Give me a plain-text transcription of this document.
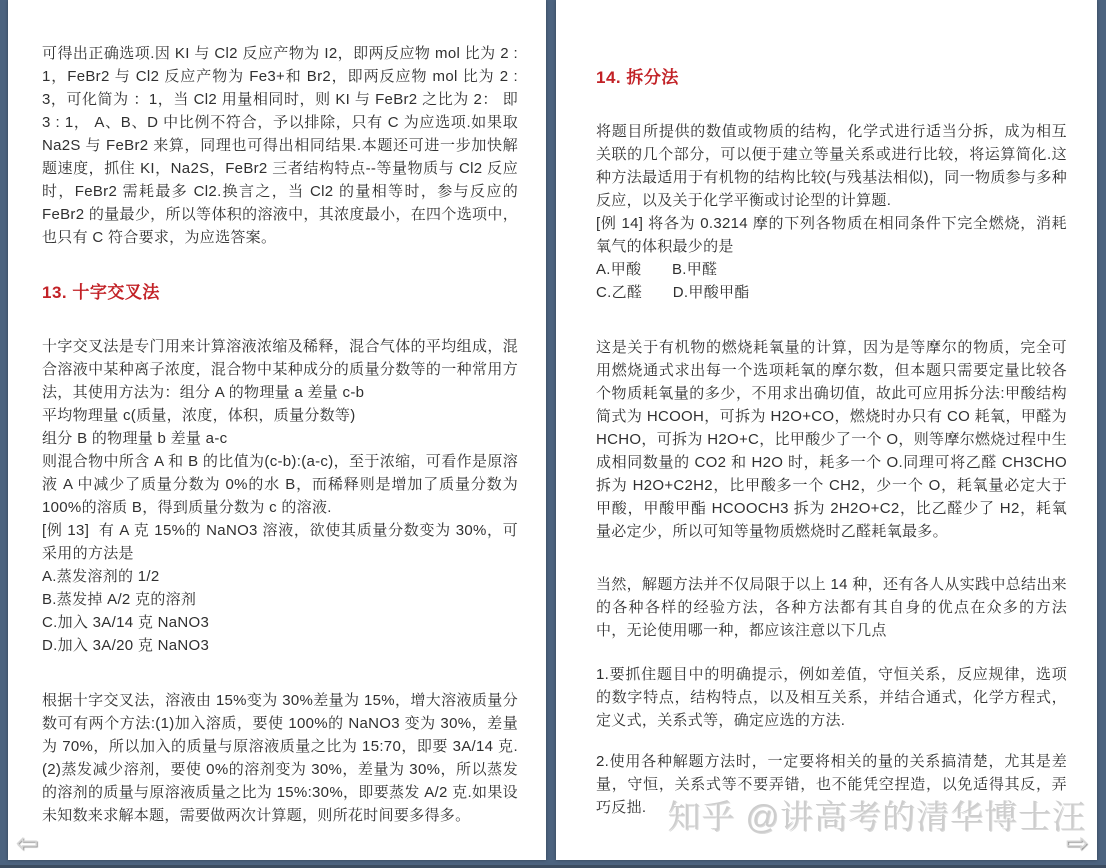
可得出正确选项.因 KI 与 Cl2 反应产物为 I2，即两反应物 mol 比为 2 : 1，FeBr2 与 Cl2 反应产物为 Fe3+和 Br2，即两反应物 mol 比为 2 : 3，可化简为 ：1，当 Cl2 用量相同时，则 KI 与 FeBr2 之比为 2： 即 3 : 1， A、B、D 中比例不符合，予以排除，只有 C 为应选项.如果取 Na2S 与 FeBr2 来算，同理也可得出相同结果.本题还可进一步加快解题速度，抓住 KI，Na2S，FeBr2 三者结构特点--等量物质与 Cl2 反应时，FeBr2 需耗最多 Cl2.换言之，当 Cl2 的量相等时，参与反应的 FeBr2 的量最少，所以等体积的溶液中，其浓度最小，在四个选项中，也只有 C 符合要求，为应选答案。

13. 十字交叉法

十字交叉法是专门用来计算溶液浓缩及稀释，混合气体的平均组成，混合溶液中某种离子浓度，混合物中某种成分的质量分数等的一种常用方法，其使用方法为：组分 A 的物理量 a 差量 c-b

平均物理量 c(质量，浓度，体积，质量分数等)

组分 B 的物理量 b 差量 a-c

则混合物中所含 A 和 B 的比值为(c-b):(a-c)，至于浓缩，可看作是原溶液 A 中减少了质量分数为 0%的水 B，而稀释则是增加了质量分数为 100%的溶质 B，得到质量分数为 c 的溶液.

[例 13]  有 A 克 15%的 NaNO3 溶液，欲使其质量分数变为 30%，可采用的方法是

A.蒸发溶剂的 1/2

B.蒸发掉 A/2 克的溶剂

C.加入 3A/14 克 NaNO3

D.加入 3A/20 克 NaNO3

根据十字交叉法，溶液由 15%变为 30%差量为 15%，增大溶液质量分数可有两个方法:(1)加入溶质，要使 100%的 NaNO3 变为 30%，差量为 70%，所以加入的质量与原溶液质量之比为 15:70，即要 3A/14 克.(2)蒸发减少溶剂，要使 0%的溶剂变为 30%，差量为 30%，所以蒸发的溶剂的质量与原溶液质量之比为 15%:30%，即要蒸发 A/2 克.如果设未知数来求解本题，需要做两次计算题，则所花时间要多得多。

14. 拆分法

将题目所提供的数值或物质的结构，化学式进行适当分拆，成为相互关联的几个部分，可以便于建立等量关系或进行比较，将运算简化.这种方法最适用于有机物的结构比较(与残基法相似)，同一物质参与多种反应，以及关于化学平衡或讨论型的计算题.

[例 14] 将各为 0.3214 摩的下列各物质在相同条件下完全燃烧，消耗氧气的体积最少的是

A.甲酸　　B.甲醛

C.乙醛　　D.甲酸甲酯

这是关于有机物的燃烧耗氧量的计算，因为是等摩尔的物质，完全可用燃烧通式求出每一个选项耗氧的摩尔数，但本题只需要定量比较各个物质耗氧量的多少，不用求出确切值，故此可应用拆分法:甲酸结构简式为 HCOOH，可拆为 H2O+CO，燃烧时办只有 CO 耗氧，甲醛为 HCHO，可拆为 H2O+C，比甲酸少了一个 O，则等摩尔燃烧过程中生成相同数量的 CO2 和 H2O 时，耗多一个 O.同理可将乙醛 CH3CHO 拆为 H2O+C2H2，比甲酸多一个 CH2，少一个 O，耗氧量必定大于甲酸，甲酸甲酯 HCOOCH3 拆为 2H2O+C2，比乙醛少了 H2，耗氧量必定少，所以可知等量物质燃烧时乙醛耗氧最多。

当然，解题方法并不仅局限于以上 14 种，还有各人从实践中总结出来的各种各样的经验方法，各种方法都有其自身的优点在众多的方法中，无论使用哪一种，都应该注意以下几点

1.要抓住题目中的明确提示，例如差值，守恒关系，反应规律，选项的数字特点，结构特点，以及相互关系，并结合通式，化学方程式，定义式，关系式等，确定应选的方法.

2.使用各种解题方法时，一定要将相关的量的关系搞清楚，尤其是差量，守恒，关系式等不要弄错，也不能凭空捏造，以免适得其反，弄巧反拙. 知乎 @讲高考的清华博士汪
⇦	⇨
